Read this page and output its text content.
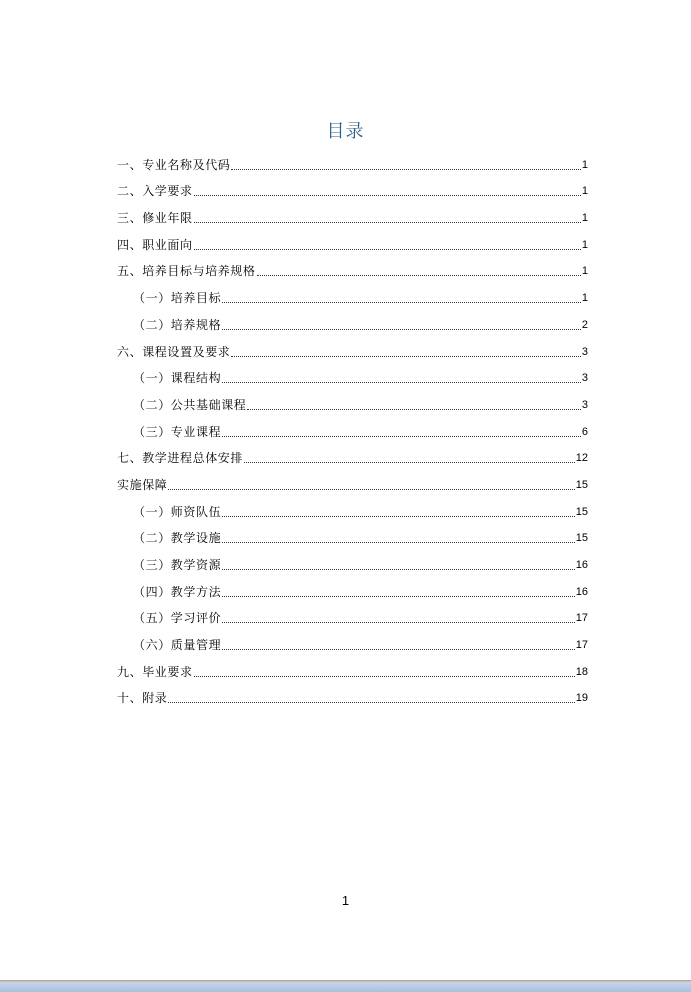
目录
一、专业名称及代码	1
二、入学要求	1
三、修业年限	1
四、职业面向	1
五、培养目标与培养规格	1
（一）培养目标	1
（二）培养规格	2
六、课程设置及要求	3
（一）课程结构	3
（二）公共基础课程	3
（三）专业课程	6
七、教学进程总体安排	12
实施保障	15
（一）师资队伍	15
（二）教学设施	15
（三）教学资源	16
（四）教学方法	16
（五）学习评价	17
（六）质量管理	17
九、毕业要求	18
十、附录	19
1
